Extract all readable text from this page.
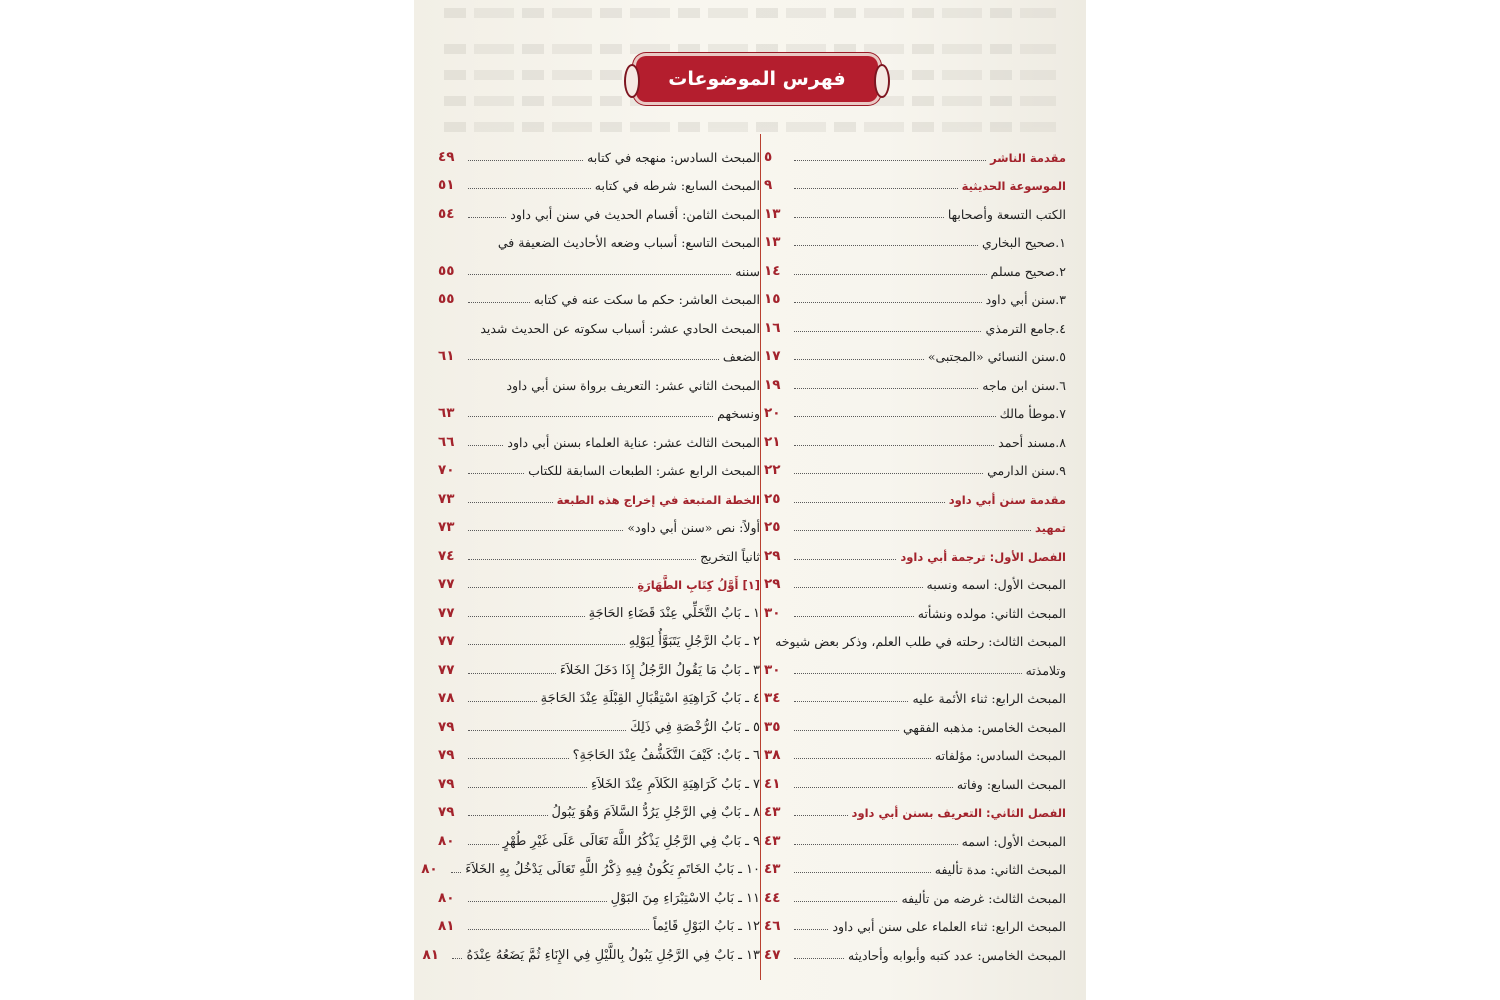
فهرس الموضوعات
مقدمة الناشر
٥
الموسوعة الحديثية
٩
الكتب التسعة وأصحابها
١٣
١.صحيح البخاري
١٣
٢.صحيح مسلم
١٤
٣.سنن أبي داود
١٥
٤.جامع الترمذي
١٦
٥.سنن النسائي «المجتبى»
١٧
٦.سنن ابن ماجه
١٩
٧.موطأ مالك
٢٠
٨.مسند أحمد
٢١
٩.سنن الدارمي
٢٢
مقدمة سنن أبي داود
٢٥
تمهيد
٢٥
الفصل الأول: ترجمة أبي داود
٢٩
المبحث الأول: اسمه ونسبه
٢٩
المبحث الثاني: مولده ونشأته
٣٠
المبحث الثالث: رحلته في طلب العلم، وذكر بعض شيوخه
وتلامذته
٣٠
المبحث الرابع: ثناء الأئمة عليه
٣٤
المبحث الخامس: مذهبه الفقهي
٣٥
المبحث السادس: مؤلفاته
٣٨
المبحث السابع: وفاته
٤١
الفصل الثاني: التعريف بسنن أبي داود
٤٣
المبحث الأول: اسمه
٤٣
المبحث الثاني: مدة تأليفه
٤٣
المبحث الثالث: غرضه من تأليفه
٤٤
المبحث الرابع: ثناء العلماء على سنن أبي داود
٤٦
المبحث الخامس: عدد كتبه وأبوابه وأحاديثه
٤٧
المبحث السادس: منهجه في كتابه
٤٩
المبحث السابع: شرطه في كتابه
٥١
المبحث الثامن: أقسام الحديث في سنن أبي داود
٥٤
المبحث التاسع: أسباب وضعه الأحاديث الضعيفة في
سننه
٥٥
المبحث العاشر: حكم ما سكت عنه في كتابه
٥٥
المبحث الحادي عشر: أسباب سكوته عن الحديث شديد
الضعف
٦١
المبحث الثاني عشر: التعريف برواة سنن أبي داود
ونسخهم
٦٣
المبحث الثالث عشر: عناية العلماء بسنن أبي داود
٦٦
المبحث الرابع عشر: الطبعات السابقة للكتاب
٧٠
الخطة المتبعة في إخراج هذه الطبعة
٧٣
أولاً: نص «سنن أبي داود»
٧٣
ثانياً التخريج
٧٤
[١] أَوَّلُ كِتَابِ الطَّهَارَةِ
٧٧
١ ـ بَابُ التَّخَلِّي عِنْدَ قَضَاءِ الحَاجَةِ
٧٧
٢ ـ بَابُ الرَّجُلِ يَتَبَوَّأُ لِبَوْلِهِ
٧٧
٣ ـ بَابُ مَا يَقُولُ الرَّجُلُ إِذَا دَخَلَ الخَلاَءَ
٧٧
٤ ـ بَابُ كَرَاهِيَةِ اسْتِقْبَالِ القِبْلَةِ عِنْدَ الحَاجَةِ
٧٨
٥ ـ بَابُ الرُّخْصَةِ فِي ذَلِكَ
٧٩
٦ ـ بَابٌ: كَيْفَ التَّكَشُّفُ عِنْدَ الحَاجَةِ؟
٧٩
٧ ـ بَابُ كَرَاهِيَةِ الكَلاَمِ عِنْدَ الخَلاَءِ
٧٩
٨ ـ بَابٌ فِي الرَّجُلِ يَرُدُّ السَّلاَمَ وَهُوَ يَبُولُ
٧٩
٩ ـ بَابٌ فِي الرَّجُلِ يَذْكُرُ اللَّهَ تَعَالَى عَلَى غَيْرِ طُهْرٍ
٨٠
١٠ ـ بَابُ الخَاتَمِ يَكُونُ فِيهِ ذِكْرُ اللَّهِ تَعَالَى يَدْخُلُ بِهِ الخَلاَءَ
٨٠
١١ ـ بَابُ الاسْتِبْرَاءِ مِنَ البَوْلِ
٨٠
١٢ ـ بَابُ البَوْلِ قَائِماً
٨١
١٣ ـ بَابٌ فِي الرَّجُلِ يَبُولُ بِاللَّيْلِ فِي الإِنَاءِ ثُمَّ يَضَعُهُ عِنْدَهُ
٨١
